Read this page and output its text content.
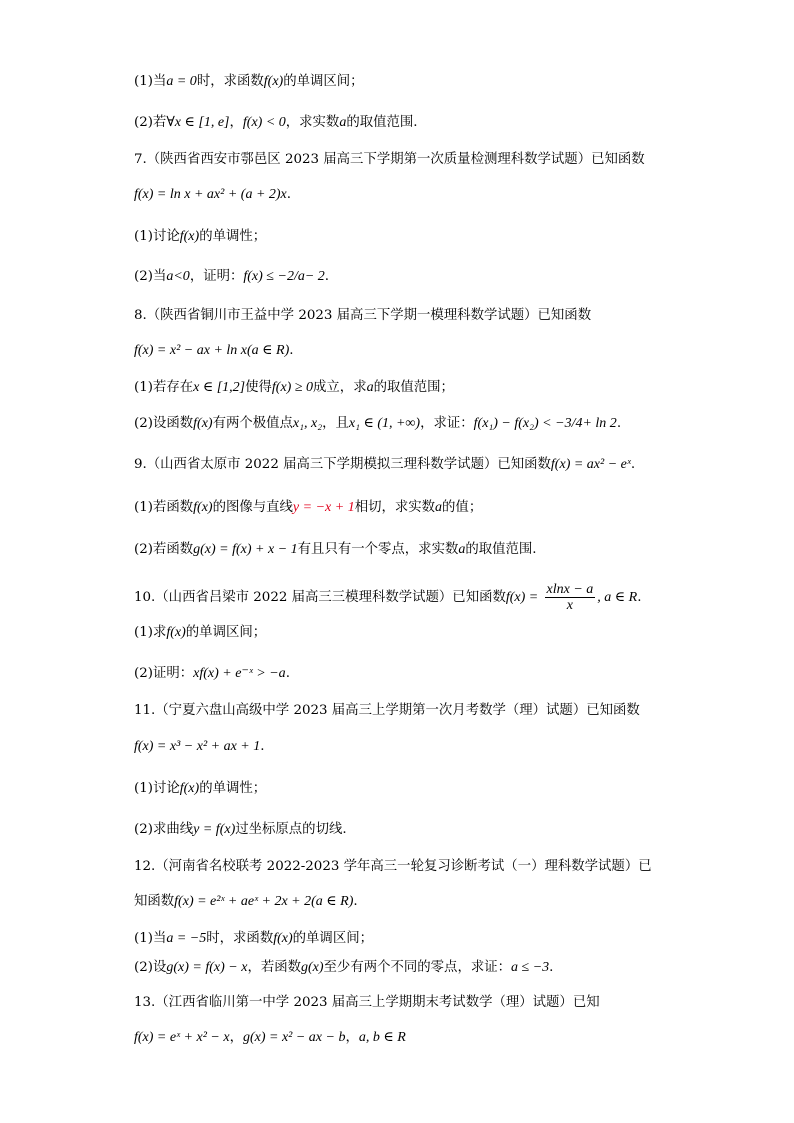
(1)当a = 0时，求函数f(x)的单调区间；
(2)若∀x ∈ [1, e]，f(x) < 0，求实数a的取值范围.
7.（陕西省西安市鄠邑区 2023 届高三下学期第一次质量检测理科数学试题）已知函数
f(x) = ln x + ax² + (a + 2)x.
(1)讨论f(x)的单调性；
(2)当a<0，证明：f(x) ≤ −2/a− 2.
8.（陕西省铜川市王益中学 2023 届高三下学期一模理科数学试题）已知函数
f(x) = x² − ax + ln x(a ∈ R).
(1)若存在x ∈ [1,2]使得f(x) ≥ 0成立，求a的取值范围；
(2)设函数f(x)有两个极值点x₁, x₂，且x₁ ∈ (1, +∞)，求证：f(x₁) − f(x₂) < −3/4+ ln 2.
9.（山西省太原市 2022 届高三下学期模拟三理科数学试题）已知函数f(x) = ax² − eˣ.
(1)若函数f(x)的图像与直线y = −x + 1相切，求实数a的值；
(2)若函数g(x) = f(x) + x − 1有且只有一个零点，求实数a的取值范围.
10.（山西省吕梁市 2022 届高三三模理科数学试题）已知函数$f(x) = \frac{xlnx - a}{x}$ , a ∈ R.
(1)求f(x)的单调区间；
(2)证明：xf(x) + e⁻ˣ > −a.
11.（宁夏六盘山高级中学 2023 届高三上学期第一次月考数学（理）试题）已知函数
f(x) = x³ − x² + ax + 1.
(1)讨论f(x)的单调性；
(2)求曲线y = f(x)过坐标原点的切线.
12.（河南省名校联考 2022-2023 学年高三一轮复习诊断考试（一）理科数学试题）已
知函数f(x) = e²ˣ + aeˣ + 2x + 2(a ∈ R).
(1)当a = −5时，求函数f(x)的单调区间；
(2)设g(x) = f(x) − x，若函数g(x)至少有两个不同的零点，求证：a ≤ −3.
13.（江西省临川第一中学 2023 届高三上学期期末考试数学（理）试题）已知
f(x) = eˣ + x² − x，g(x) = x² − ax − b，a, b ∈ R
